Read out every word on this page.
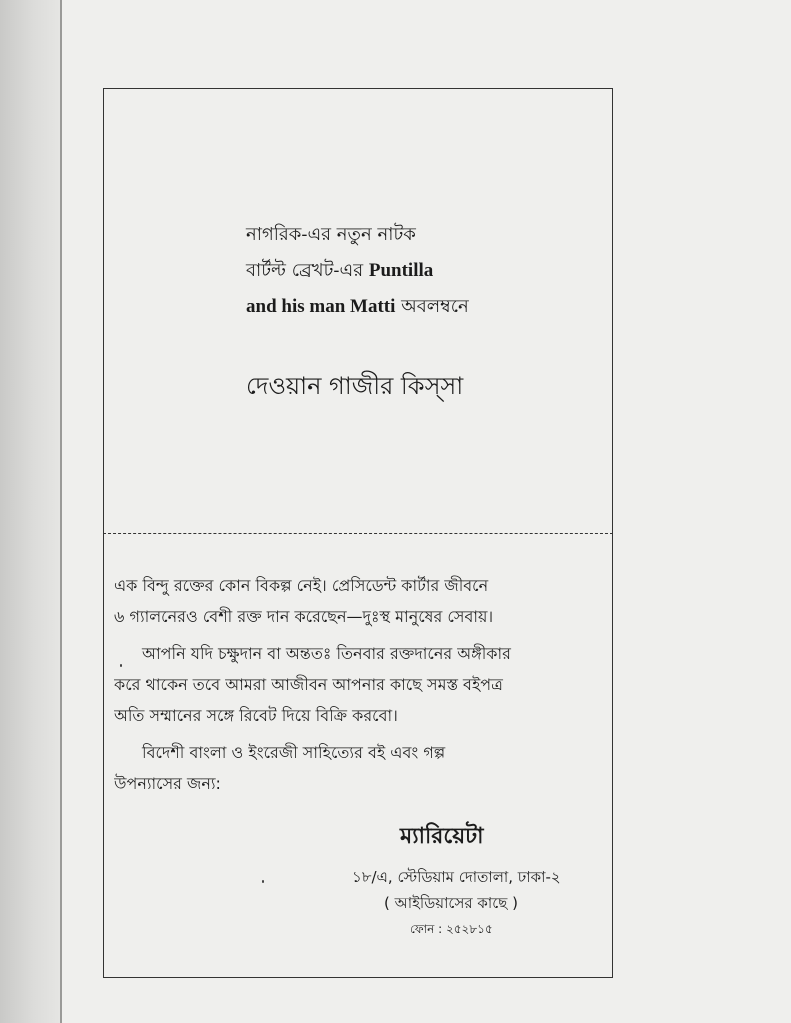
নাগরিক-এর নতুন নাটক
বার্টল্ট ব্রেখট-এর Puntilla
and his man Matti অবলম্বনে
দেওয়ান গাজীর কিস্‌সা
এক বিন্দু রক্তের কোন বিকল্প নেই। প্রেসিডেন্ট কার্টার জীবনে
৬ গ্যালনেরও বেশী রক্ত দান করেছেন—দুঃস্থ মানুষের সেবায়।
আপনি যদি চক্ষুদান বা অন্ততঃ তিনবার রক্তদানের অঙ্গীকার
করে থাকেন তবে আমরা আজীবন আপনার কাছে সমস্ত বইপত্র
অতি সম্মানের সঙ্গে রিবেট দিয়ে বিক্রি করবো।
বিদেশী বাংলা ও ইংরেজী সাহিত্যের বই এবং গল্প
উপন্যাসের জন্য:
ম্যারিয়েটা
১৮/এ, স্টেডিয়াম দোতালা, ঢাকা-২
( আইডিয়াসের কাছে )
ফোন : ২৫২৮১৫
